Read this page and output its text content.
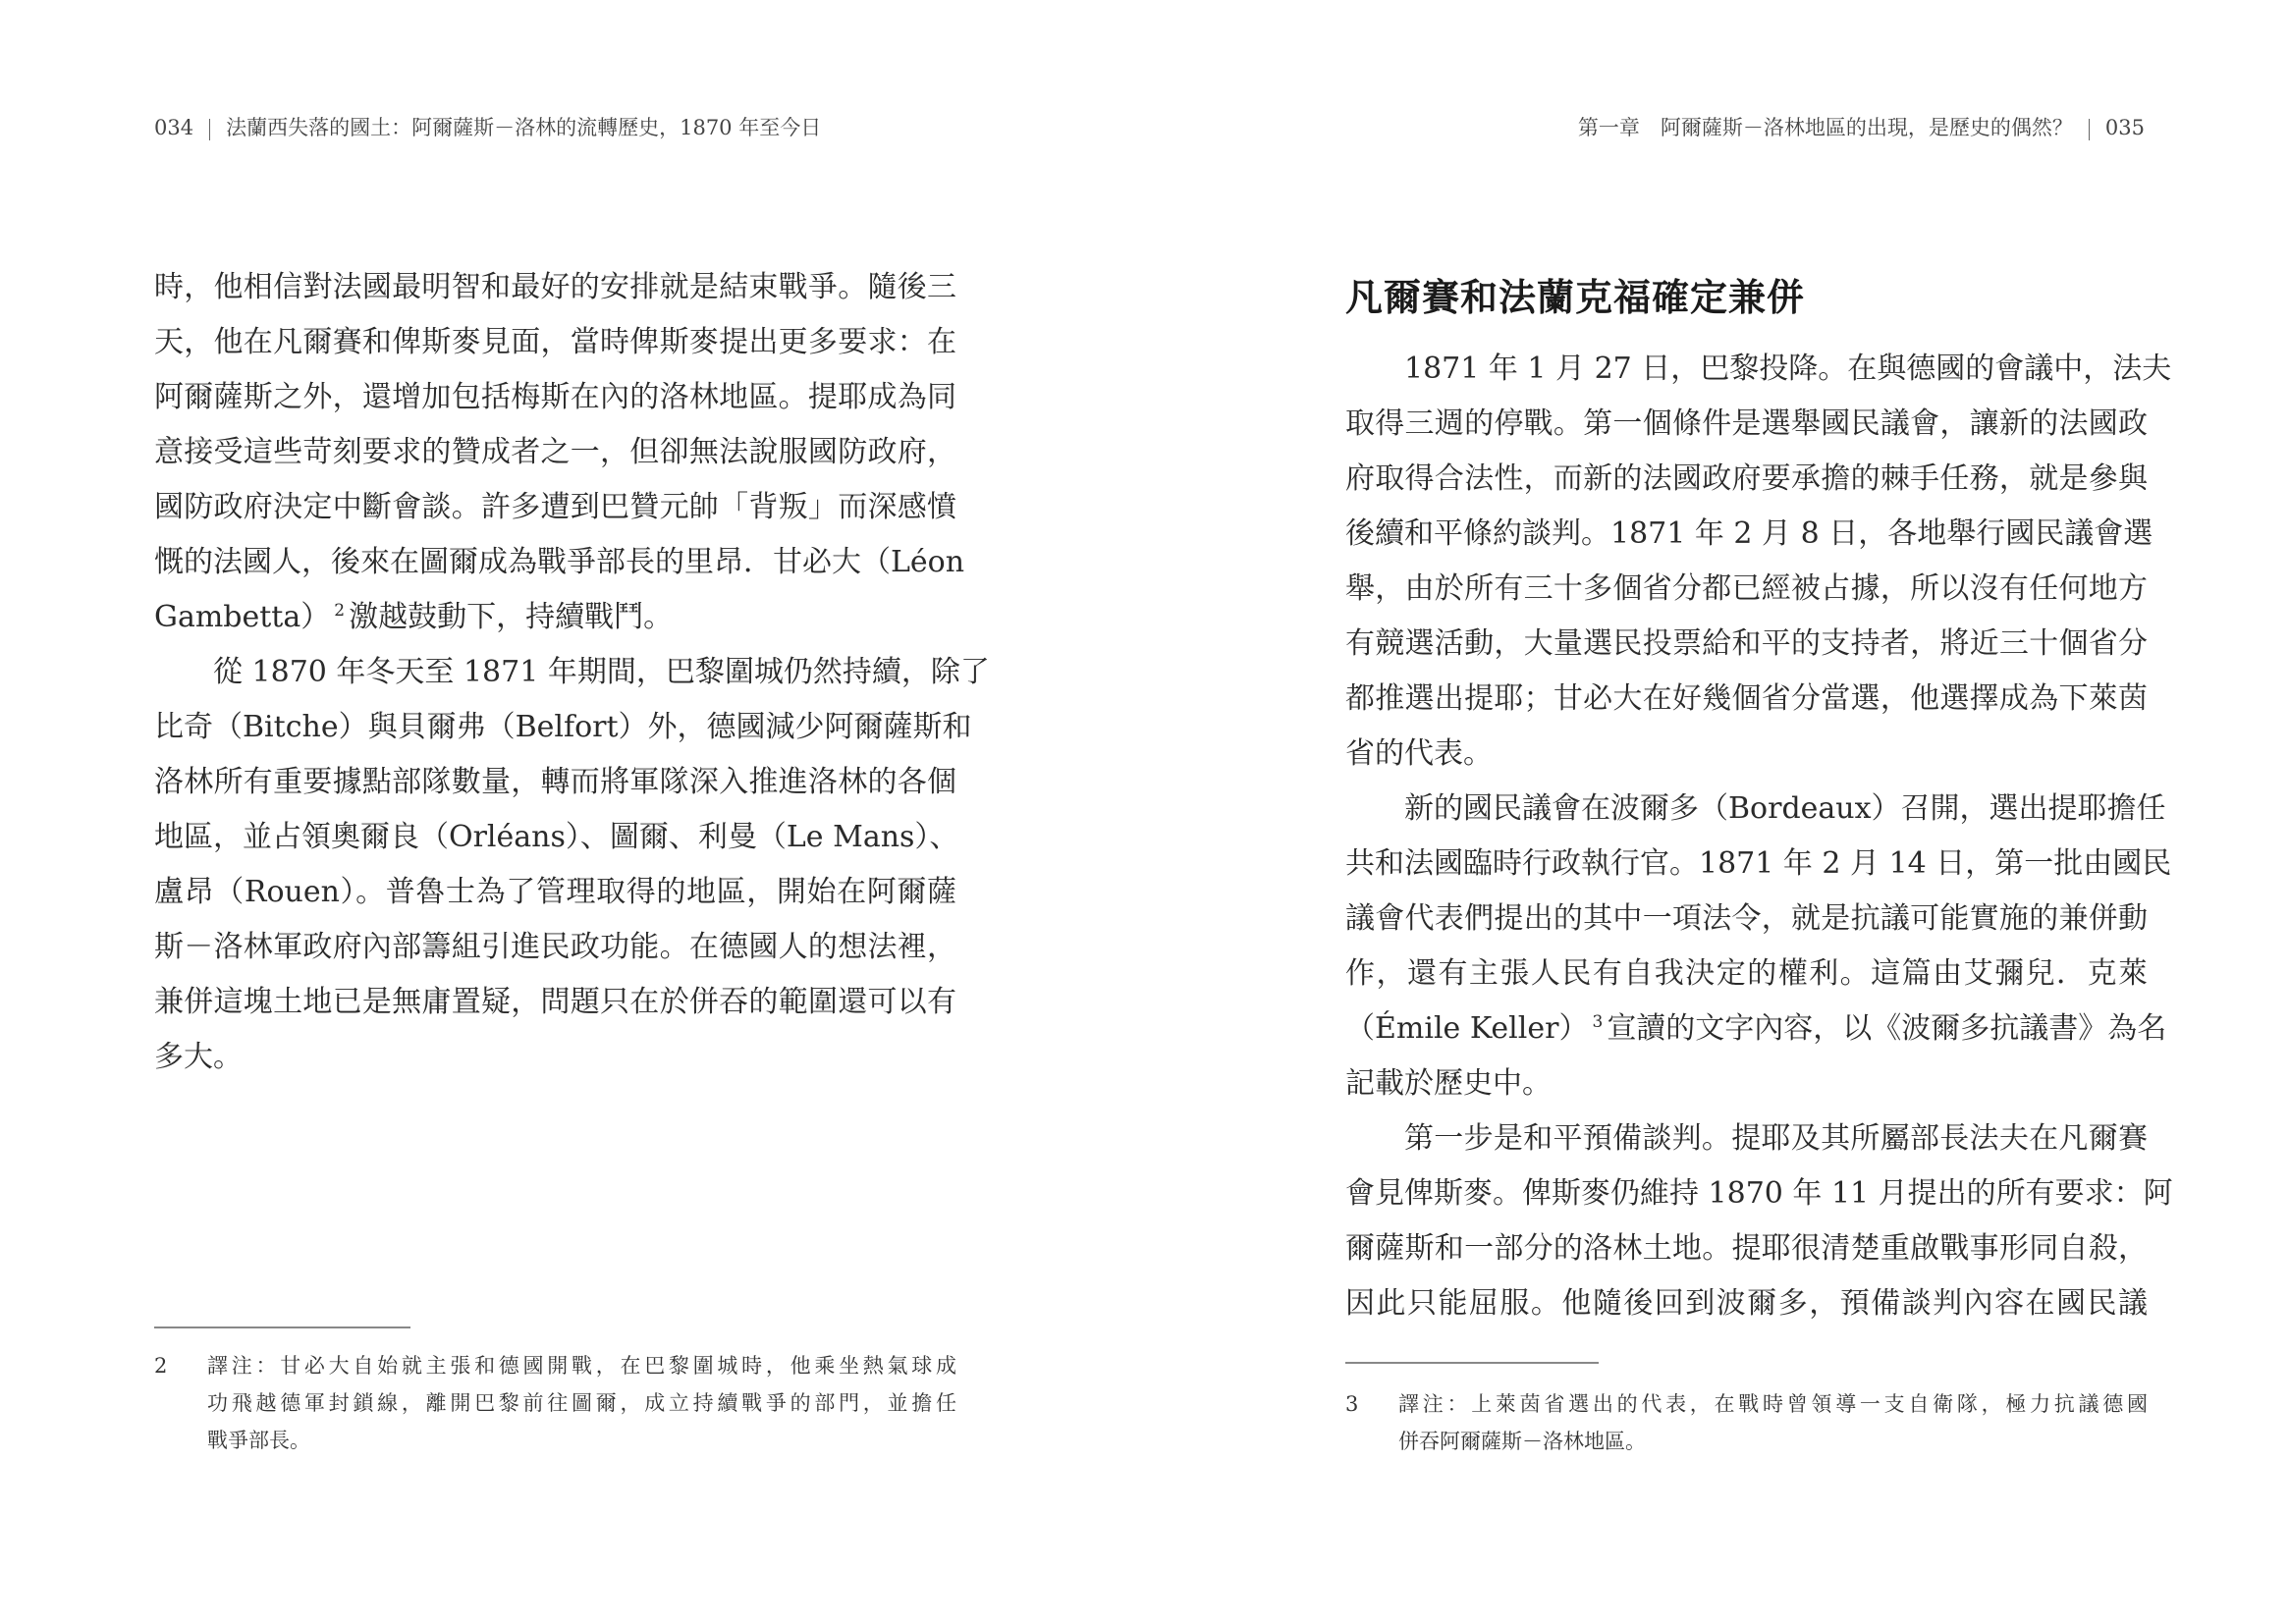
034 法蘭西失落的國土：阿爾薩斯－洛林的流轉歷史，1870 年至今日
時，他相信對法國最明智和最好的安排就是結束戰爭。隨後三
天，他在凡爾賽和俾斯麥見面，當時俾斯麥提出更多要求：在
阿爾薩斯之外，還增加包括梅斯在內的洛林地區。提耶成為同
意接受這些苛刻要求的贊成者之一，但卻無法說服國防政府，
國防政府決定中斷會談。許多遭到巴贊元帥「背叛」而深感憤
慨的法國人，後來在圖爾成為戰爭部長的里昂．甘必大（Léon
Gambetta） $^2$ 激越鼓動下，持續戰鬥。
從 1870 年冬天至 1871 年期間，巴黎圍城仍然持續，除了
比奇（Bitche）與貝爾弗（Belfort）外，德國減少阿爾薩斯和
洛林所有重要據點部隊數量，轉而將軍隊深入推進洛林的各個
地區，並占領奧爾良（Orléans）、圖爾、利曼（Le Mans）、
盧昂（Rouen）。普魯士為了管理取得的地區，開始在阿爾薩
斯－洛林軍政府內部籌組引進民政功能。在德國人的想法裡，
兼併這塊土地已是無庸置疑，問題只在於併吞的範圍還可以有
多大。
2 譯注：甘必大自始就主張和德國開戰，在巴黎圍城時，他乘坐熱氣球成
功飛越德軍封鎖線，離開巴黎前往圖爾，成立持續戰爭的部門，並擔任
戰爭部長。
第一章　阿爾薩斯－洛林地區的出現，是歷史的偶然？ 035
凡爾賽和法蘭克福確定兼併
1871 年 1 月 27 日，巴黎投降。在與德國的會議中，法夫
取得三週的停戰。第一個條件是選舉國民議會，讓新的法國政
府取得合法性，而新的法國政府要承擔的棘手任務，就是參與
後續和平條約談判。1871 年 2 月 8 日，各地舉行國民議會選
舉，由於所有三十多個省分都已經被占據，所以沒有任何地方
有競選活動，大量選民投票給和平的支持者，將近三十個省分
都推選出提耶；甘必大在好幾個省分當選，他選擇成為下萊茵
省的代表。
新的國民議會在波爾多（Bordeaux）召開，選出提耶擔任
共和法國臨時行政執行官。1871 年 2 月 14 日，第一批由國民
議會代表們提出的其中一項法令，就是抗議可能實施的兼併動
作，還有主張人民有自我決定的權利。這篇由艾彌兒．克萊
（Émile Keller） $^3$ 宣讀的文字內容，以《波爾多抗議書》為名
記載於歷史中。
第一步是和平預備談判。提耶及其所屬部長法夫在凡爾賽
會見俾斯麥。俾斯麥仍維持 1870 年 11 月提出的所有要求：阿
爾薩斯和一部分的洛林土地。提耶很清楚重啟戰事形同自殺，
因此只能屈服。他隨後回到波爾多，預備談判內容在國民議
3 譯注：上萊茵省選出的代表，在戰時曾領導一支自衛隊，極力抗議德國
併吞阿爾薩斯－洛林地區。
